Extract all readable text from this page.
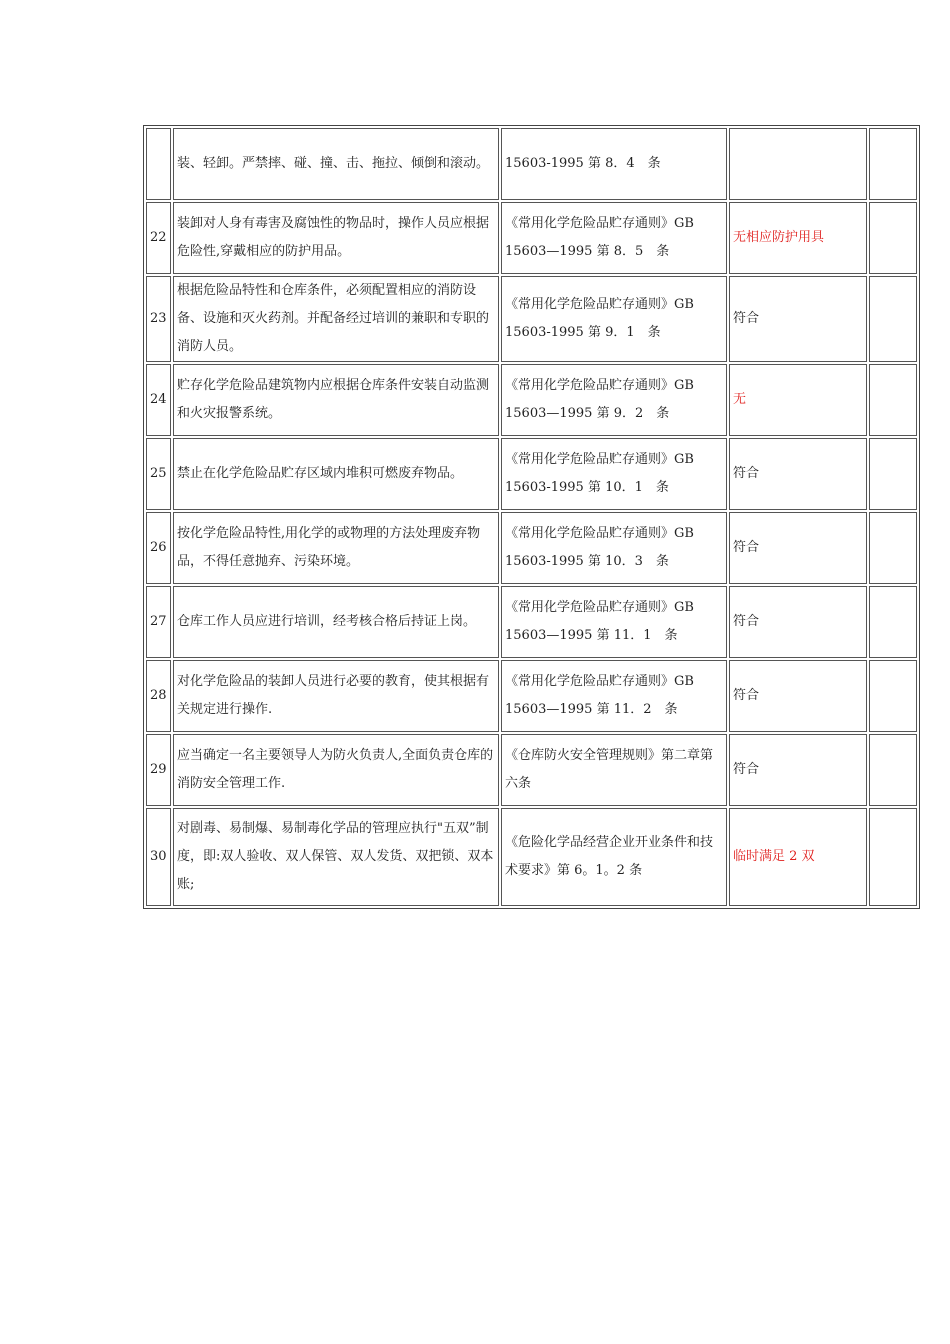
	装、轻卸。严禁摔、碰、撞、击、拖拉、倾倒和滚动。	15603-1995 第 8．4　条		
22	装卸对人身有毒害及腐蚀性的物品时，操作人员应根据危险性,穿戴相应的防护用品。	《常用化学危险品贮存通则》GB 15603—1995 第 8．5　条	无相应防护用具	
23	根据危险品特性和仓库条件，必须配置相应的消防设备、设施和灭火药剂。并配备经过培训的兼职和专职的消防人员。	《常用化学危险品贮存通则》GB 15603-1995 第 9．1　条	符合	
24	贮存化学危险品建筑物内应根据仓库条件安装自动监测和火灾报警系统。	《常用化学危险品贮存通则》GB 15603—1995 第 9．2　条	无	
25	禁止在化学危险品贮存区域内堆积可燃废弃物品。	《常用化学危险品贮存通则》GB 15603-1995 第 10．1　条	符合	
26	按化学危险品特性,用化学的或物理的方法处理废弃物品，不得任意抛弃、污染环境。	《常用化学危险品贮存通则》GB 15603-1995 第 10．3　条	符合	
27	仓库工作人员应进行培训，经考核合格后持证上岗。	《常用化学危险品贮存通则》GB 15603—1995 第 11．1　条	符合	
28	对化学危险品的装卸人员进行必要的教育，使其根据有关规定进行操作.	《常用化学危险品贮存通则》GB 15603—1995 第 11．2　条	符合	
29	应当确定一名主要领导人为防火负责人,全面负责仓库的消防安全管理工作.	《仓库防火安全管理规则》第二章第六条	符合	
30	对剧毒、易制爆、易制毒化学品的管理应执行"五双”制度，即:双人验收、双人保管、双人发货、双把锁、双本账;	《危险化学品经营企业开业条件和技术要求》第 6。1。2 条	临时满足 2 双	
